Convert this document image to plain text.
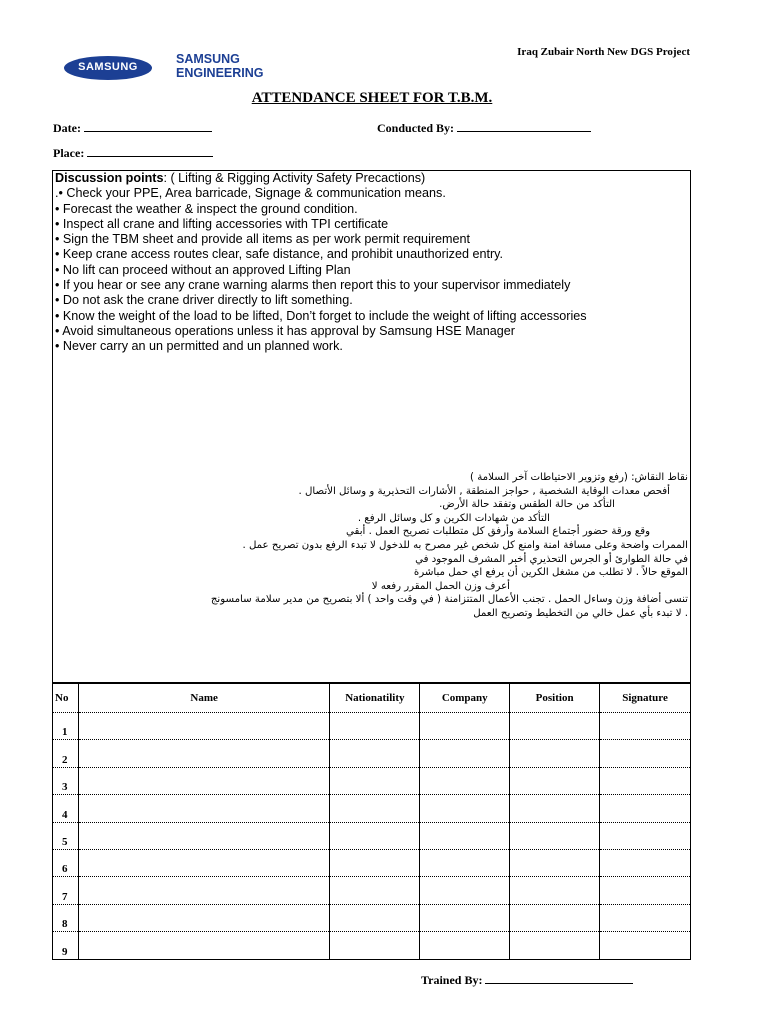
SAMSUNG
SAMSUNG
ENGINEERING
Iraq Zubair North New DGS Project
ATTENDANCE SHEET FOR T.B.M.
Date:	Conducted By:
Place:
Discussion points: ( Lifting & Rigging Activity Safety Precactions)
.• Check your PPE, Area barricade, Signage & communication means.
• Forecast the weather & inspect the ground condition.
• Inspect all crane and lifting accessories with TPI certificate
• Sign the TBM sheet and provide all items as per work permit requirement
• Keep crane access routes clear, safe distance, and prohibit unauthorized entry.
• No lift can proceed without an approved Lifting Plan
• If you hear or see any crane warning alarms then report this to your supervisor immediately
• Do not ask the crane driver directly to lift something.
• Know the weight of the load to be lifted, Don’t forget to include the weight of lifting accessories
• Avoid simultaneous operations unless it has approval by Samsung HSE Manager
• Never carry an un permitted and un planned work.
نقاط النقاش: (رفع وتزوير الاحتياطات آخر السلامة )
أفحص معدات الوقاية الشخصية , حواجز المنطقة , الأشارات التحذيرية و وسائل الأتصال .
التأكد من حالة الطقس وتفقد حالة الأرض.
التأكد من شهادات الكرين و كل وسائل الرفع .
وقع ورقة حضور أجتماع السلامة وأرفق كل متطلبات تصريح العمل . أبقي
الممرات واضحة وعلى مسافة امنة وامنع كل شخص غير مصرح به للدخول لا تبدء الرفع بدون تصريح عمل .
في حالة الطوارئ أو الجرس التحذيري أخبر المشرف الموجود في
الموقع حالاً . لا تطلب من مشغل الكرين أن يرفع اي حمل مباشرة
أعرف وزن الحمل المقرر رفعه لا
تنسى أضافة وزن وساءل الحمل . تجنب الأعمال المتتزامنة ( في وقت واحد ) ألا بتصريح من مدير سلامة سامسونج
. لا تبدء بأي عمل خالي من التخطيط وتصريح العمل
No	Name	Nationatility	Company	Position	Signature
1					
2					
3					
4					
5					
6					
7					
8					
9					
Trained By:
